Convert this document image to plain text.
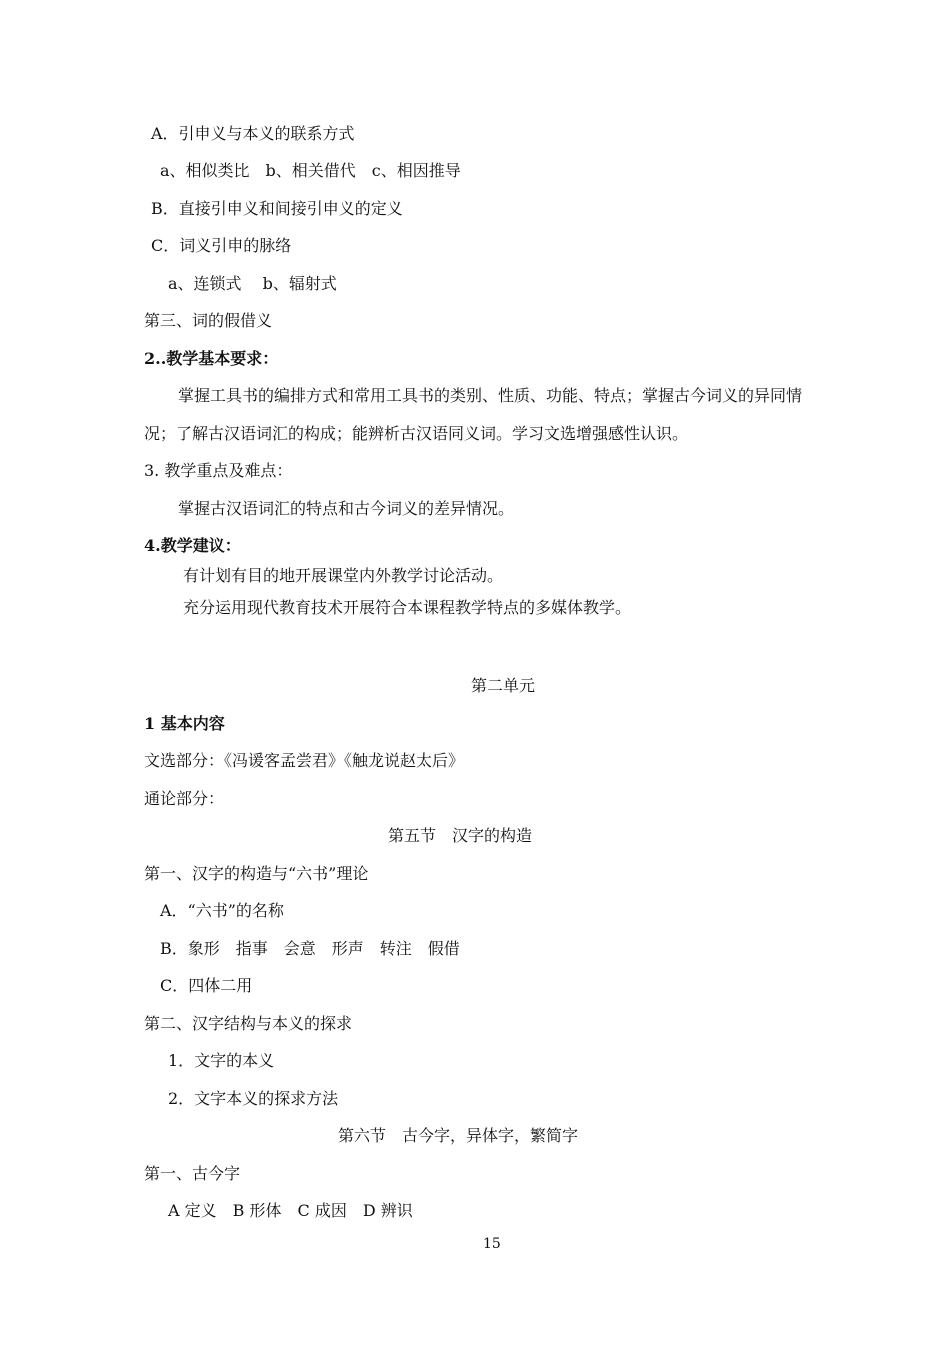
A．引申义与本义的联系方式
a、相似类比　b、相关借代　c、相因推导
B．直接引申义和间接引申义的定义
C．词义引申的脉络
a、连锁式　 b、辐射式
第三、词的假借义
2..教学基本要求：
掌握工具书的编排方式和常用工具书的类别、性质、功能、特点；掌握古今词义的异同情
况；了解古汉语词汇的构成；能辨析古汉语同义词。学习文选增强感性认识。
3. 教学重点及难点：
掌握古汉语词汇的特点和古今词义的差异情况。
4.教学建议：
有计划有目的地开展课堂内外教学讨论活动。
充分运用现代教育技术开展符合本课程教学特点的多媒体教学。
第二单元
1 基本内容
文选部分：《冯谖客孟尝君》《触龙说赵太后》
通论部分：
第五节　汉字的构造
第一、汉字的构造与“六书”理论
A．“六书”的名称
B．象形　指事　会意　形声　转注　假借
C．四体二用
第二、汉字结构与本义的探求
1．文字的本义
2．文字本义的探求方法
第六节　古今字，异体字，繁简字
第一、古今字
A 定义　B 形体　C 成因　D 辨识
15
